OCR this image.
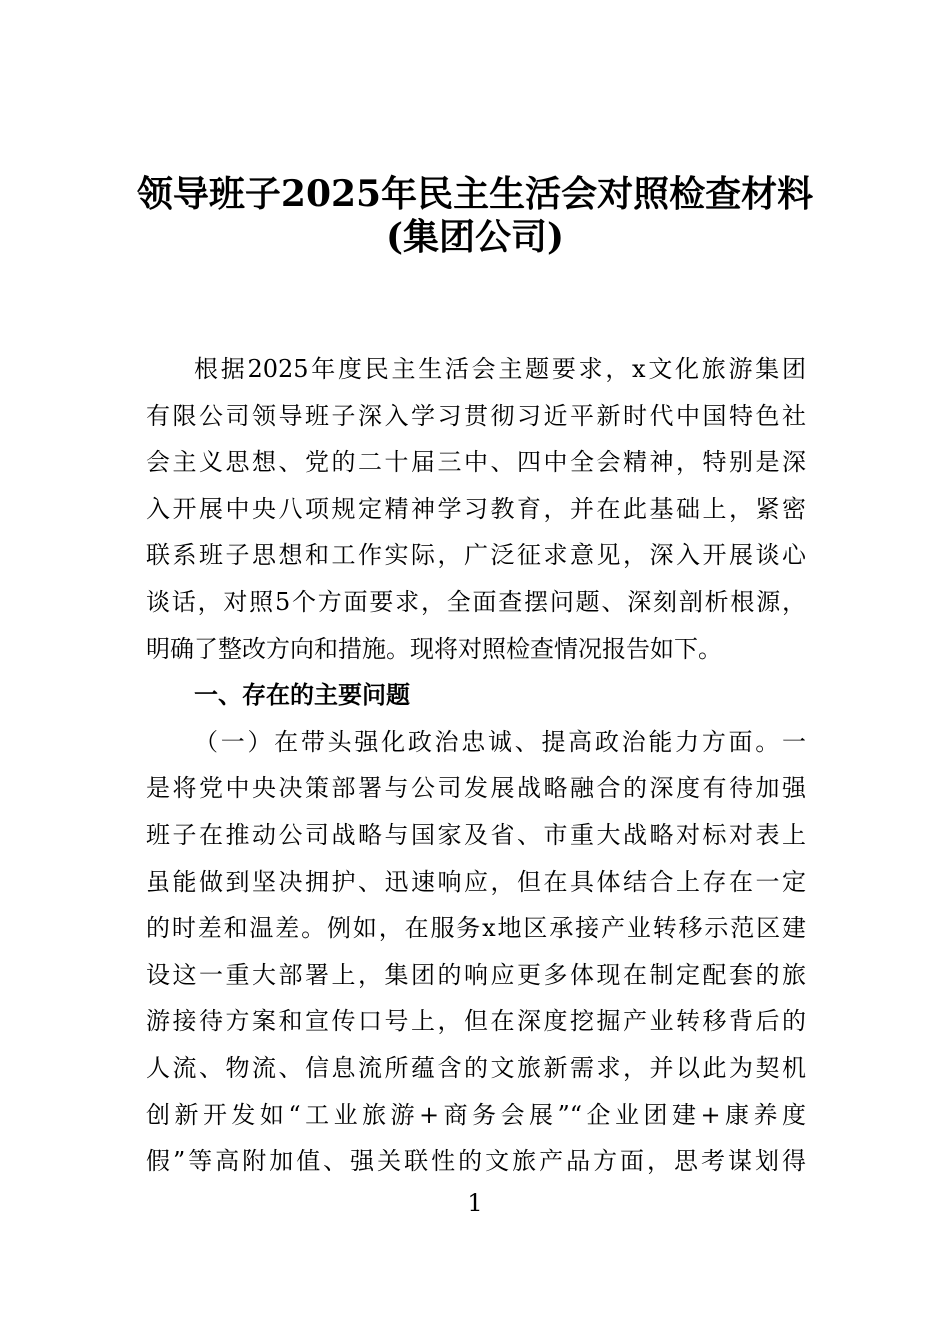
领导班子2025年民主生活会对照检查材料
(集团公司)
根据2025年度民主生活会主题要求，x文化旅游集团
有限公司领导班子深入学习贯彻习近平新时代中国特色社
会主义思想、党的二十届三中、四中全会精神，特别是深
入开展中央八项规定精神学习教育，并在此基础上，紧密
联系班子思想和工作实际，广泛征求意见，深入开展谈心
谈话，对照5个方面要求，全面查摆问题、深刻剖析根源，
明确了整改方向和措施。现将对照检查情况报告如下。
一、存在的主要问题
（一）在带头强化政治忠诚、提高政治能力方面。一
是将党中央决策部署与公司发展战略融合的深度有待加强
班子在推动公司战略与国家及省、市重大战略对标对表上
虽能做到坚决拥护、迅速响应，但在具体结合上存在一定
的时差和温差。例如，在服务x地区承接产业转移示范区建
设这一重大部署上，集团的响应更多体现在制定配套的旅
游接待方案和宣传口号上，但在深度挖掘产业转移背后的
人流、物流、信息流所蕴含的文旅新需求，并以此为契机
创新开发如“工业旅游+商务会展”“企业团建+康养度
假”等高附加值、强关联性的文旅产品方面，思考谋划得
1
